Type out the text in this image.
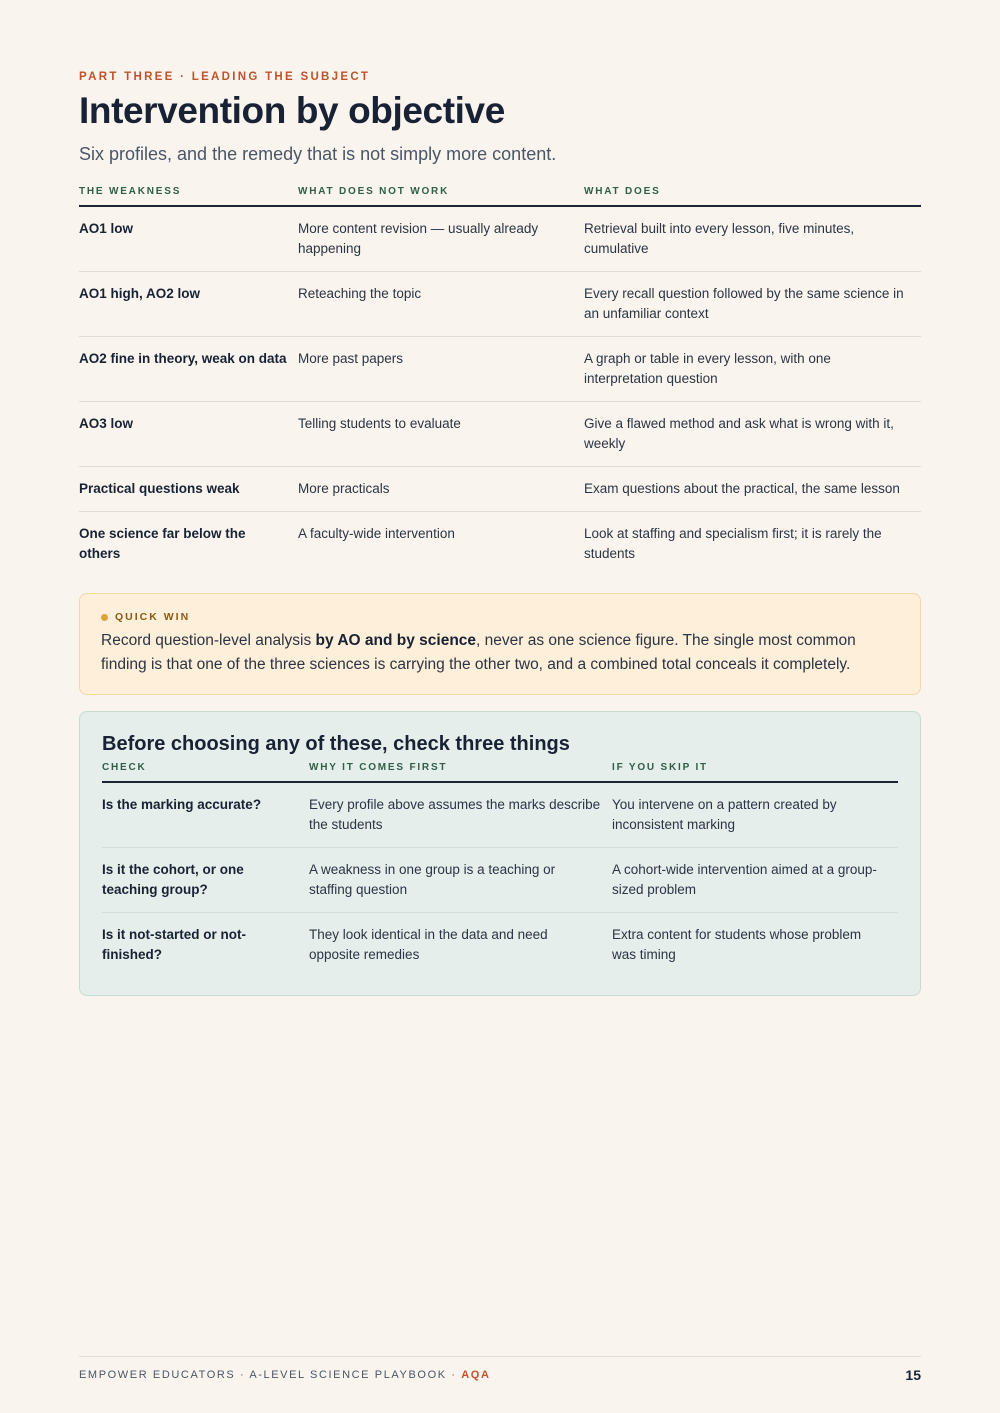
PART THREE · LEADING THE SUBJECT
Intervention by objective

Six profiles, and the remedy that is not simply more content.

THE WEAKNESS	WHAT DOES NOT WORK	WHAT DOES
AO1 low	More content revision — usually already happening	Retrieval built into every lesson, five minutes, cumulative
AO1 high, AO2 low	Reteaching the topic	Every recall question followed by the same science in an unfamiliar context
AO2 fine in theory, weak on data	More past papers	A graph or table in every lesson, with one interpretation question
AO3 low	Telling students to evaluate	Give a flawed method and ask what is wrong with it, weekly
Practical questions weak	More practicals	Exam questions about the practical, the same lesson
One science far below the others	A faculty-wide intervention	Look at staffing and specialism first; it is rarely the students
QUICK WIN
Record question-level analysis by AO and by science, never as one science figure. The single most common finding is that one of the three sciences is carrying the other two, and a combined total conceals it completely.
Before choosing any of these, check three things
CHECK	WHY IT COMES FIRST	IF YOU SKIP IT
Is the marking accurate?	Every profile above assumes the marks describe the students	You intervene on a pattern created by inconsistent marking
Is it the cohort, or one teaching group?	A weakness in one group is a teaching or staffing question	A cohort-wide intervention aimed at a group-sized problem
Is it not-started or not-finished?	They look identical in the data and need opposite remedies	Extra content for students whose problem was timing
EMPOWER EDUCATORS · A-LEVEL SCIENCE PLAYBOOK · AQA	15
